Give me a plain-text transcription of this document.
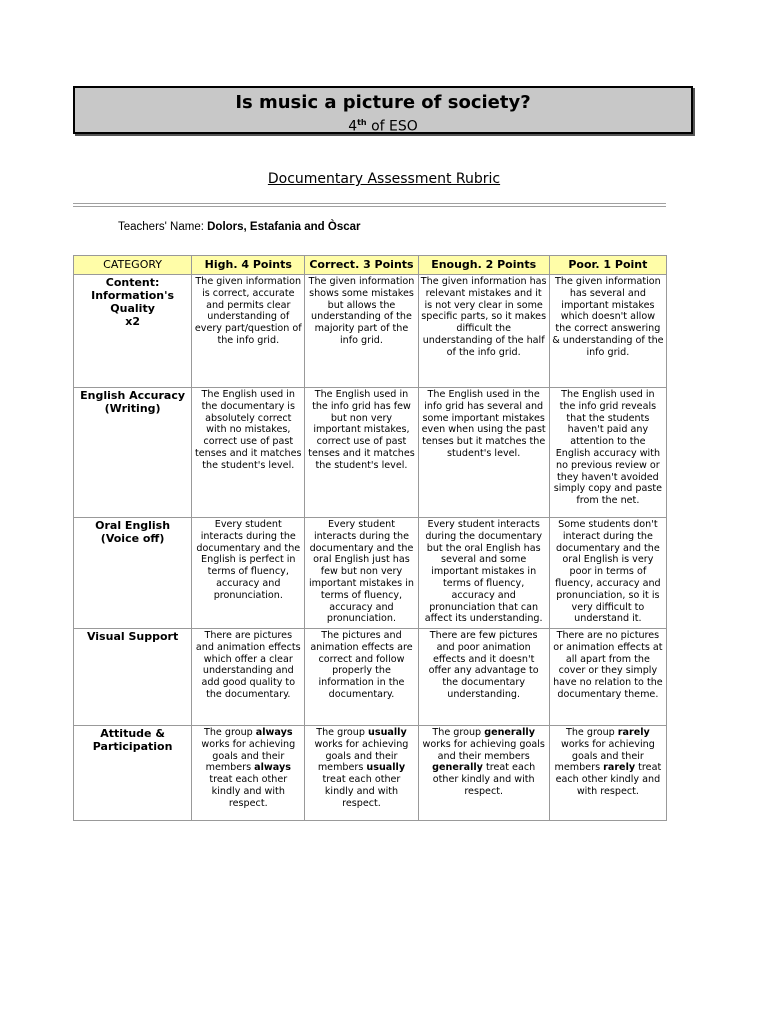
Is music a picture of society?
4th of ESO
Documentary Assessment Rubric
Teachers' Name: Dolors, Estafania and Òscar
CATEGORY	High. 4 Points	Correct. 3 Points	Enough. 2 Points	Poor. 1 Point

Content:
Information's
Quality
x2	The given information is correct, accurate and permits clear understanding of every part/question of the info grid.	The given information shows some mistakes but allows the understanding of the majority part of the info grid.	The given information has relevant mistakes and it is not very clear in some specific parts, so it makes difficult the understanding of the half of the info grid.	The given information has several and important mistakes which doesn't allow the correct answering & understanding of the info grid.

English Accuracy
(Writing)	The English used in the documentary is absolutely correct with no mistakes, correct use of past tenses and it matches the student's level.	The English used in the info grid has few but non very important mistakes, correct use of past tenses and it matches the student's level.	The English used in the info grid has several and some important mistakes even when using the past tenses but it matches the student's level.	The English used in the info grid reveals that the students haven't paid any attention to the English accuracy with no previous review or they haven't avoided simply copy and paste from the net.

Oral English
(Voice off)	Every student interacts during the documentary and the English is perfect in terms of fluency, accuracy and pronunciation.	Every student interacts during the documentary and the oral English just has few but non very important mistakes in terms of fluency, accuracy and pronunciation.	Every student interacts during the documentary but the oral English has several and some important mistakes in terms of fluency, accuracy and pronunciation that can affect its understanding.	Some students don't interact during the documentary and the oral English is very poor in terms of fluency, accuracy and pronunciation, so it is very difficult to understand it.

Visual Support	There are pictures and animation effects which offer a clear understanding and add good quality to the documentary.	The pictures and animation effects are correct and follow properly the information in the documentary.	There are few pictures and poor animation effects and it doesn't offer any advantage to the documentary understanding.	There are no pictures or animation effects at all apart from the cover or they simply have no relation to the documentary theme.

Attitude &
Participation	The group always works for achieving goals and their members always treat each other kindly and with respect.	The group usually works for achieving goals and their members usually treat each other kindly and with respect.	The group generally works for achieving goals and their members generally treat each other kindly and with respect.	The group rarely works for achieving goals and their members rarely treat each other kindly and with respect.
